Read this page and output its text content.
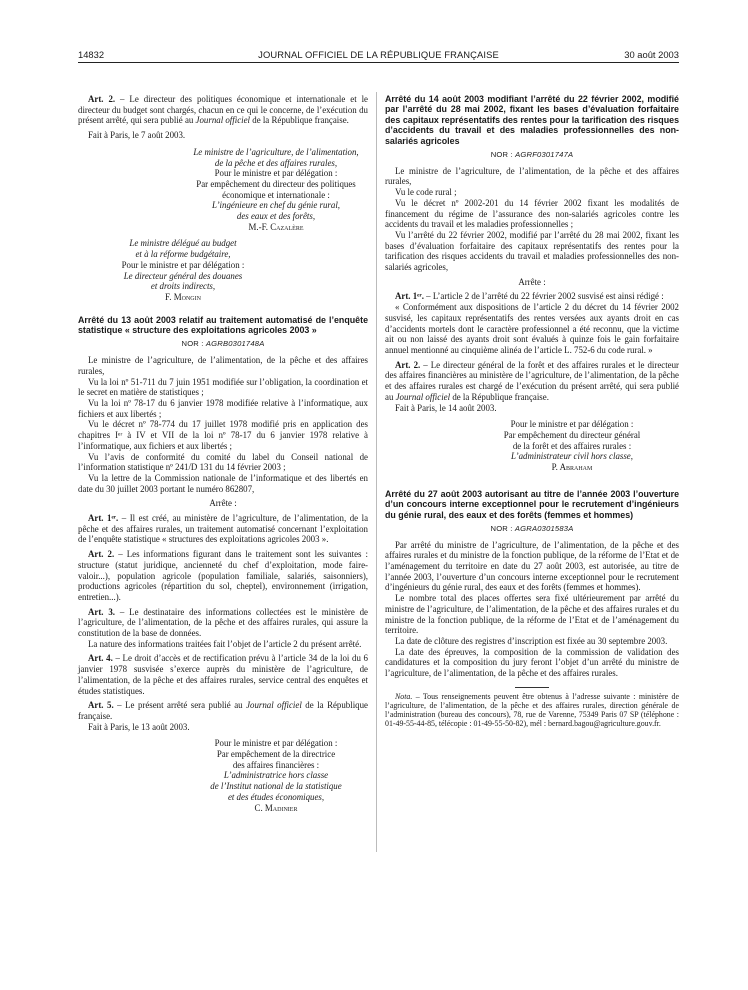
14832	JOURNAL OFFICIEL DE LA RÉPUBLIQUE FRANÇAISE	30 août 2003

Art. 2. – Le directeur des politiques économique et internationale et le directeur du budget sont chargés, chacun en ce qui le concerne, de l’exécution du présent arrêté, qui sera publié au Journal officiel de la République française.

Fait à Paris, le 7 août 2003.

Le ministre de l’agriculture, de l’alimentation,
de la pêche et des affaires rurales,
Pour le ministre et par délégation :
Par empêchement du directeur des politiques
économique et internationale :
L’ingénieure en chef du génie rural,
des eaux et des forêts,
M.-F. Cazalère
Le ministre délégué au budget
et à la réforme budgétaire,
Pour le ministre et par délégation :
Le directeur général des douanes
et droits indirects,
F. Mongin

Arrêté du 13 août 2003 relatif au traitement automatisé de l’enquête statistique « structure des exploitations agricoles 2003 »

NOR : AGRB0301748A

Le ministre de l’agriculture, de l’alimentation, de la pêche et des affaires rurales,

Vu la loi nº 51-711 du 7 juin 1951 modifiée sur l’obligation, la coordination et le secret en matière de statistiques ;

Vu la loi nº 78-17 du 6 janvier 1978 modifiée relative à l’informatique, aux fichiers et aux libertés ;

Vu le décret nº 78-774 du 17 juillet 1978 modifié pris en application des chapitres Iᵉʳ à IV et VII de la loi nº 78-17 du 6 janvier 1978 relative à l’informatique, aux fichiers et aux libertés ;

Vu l’avis de conformité du comité du label du Conseil national de l’information statistique nº 241/D 131 du 14 février 2003 ;

Vu la lettre de la Commission nationale de l’informatique et des libertés en date du 30 juillet 2003 portant le numéro 862807,

Arrête :

Art. 1ᵉʳ. – Il est créé, au ministère de l’agriculture, de l’alimentation, de la pêche et des affaires rurales, un traitement automatisé concernant l’exploitation de l’enquête statistique « structures des exploitations agricoles 2003 ».

Art. 2. – Les informations figurant dans le traitement sont les suivantes : structure (statut juridique, ancienneté du chef d’exploitation, mode faire-valoir...), population agricole (population familiale, salariés, saisonniers), productions agricoles (répartition du sol, cheptel), environnement (irrigation, entretien...).

Art. 3. – Le destinataire des informations collectées est le ministère de l’agriculture, de l’alimentation, de la pêche et des affaires rurales, qui assure la constitution de la base de données.

La nature des informations traitées fait l’objet de l’article 2 du présent arrêté.

Art. 4. – Le droit d’accès et de rectification prévu à l’article 34 de la loi du 6 janvier 1978 susvisée s’exerce auprès du ministère de l’agriculture, de l’alimentation, de la pêche et des affaires rurales, service central des enquêtes et études statistiques.

Art. 5. – Le présent arrêté sera publié au Journal officiel de la République française.

Fait à Paris, le 13 août 2003.

Pour le ministre et par délégation :
Par empêchement de la directrice
des affaires financières :
L’administratrice hors classe
de l’Institut national de la statistique
et des études économiques,
C. Madinier

Arrêté du 14 août 2003 modifiant l’arrêté du 22 février 2002, modifié par l’arrêté du 28 mai 2002, fixant les bases d’évaluation forfaitaire des capitaux représentatifs des rentes pour la tarification des risques d’accidents du travail et des maladies professionnelles des non-salariés agricoles

NOR : AGRF0301747A

Le ministre de l’agriculture, de l’alimentation, de la pêche et des affaires rurales,

Vu le code rural ;

Vu le décret nº 2002-201 du 14 février 2002 fixant les modalités de financement du régime de l’assurance des non-salariés agricoles contre les accidents du travail et les maladies professionnelles ;

Vu l’arrêté du 22 février 2002, modifié par l’arrêté du 28 mai 2002, fixant les bases d’évaluation forfaitaire des capitaux représentatifs des rentes pour la tarification des risques accidents du travail et maladies professionnelles des non-salariés agricoles,

Arrête :

Art. 1ᵉʳ. – L’article 2 de l’arrêté du 22 février 2002 susvisé est ainsi rédigé :

« Conformément aux dispositions de l’article 2 du décret du 14 février 2002 susvisé, les capitaux représentatifs des rentes versées aux ayants droit en cas d’accidents mortels dont le caractère professionnel a été reconnu, que la victime ait ou non laissé des ayants droit sont évalués à quinze fois le gain forfaitaire annuel mentionné au cinquième alinéa de l’article L. 752-6 du code rural. »

Art. 2. – Le directeur général de la forêt et des affaires rurales et le directeur des affaires financières au ministère de l’agriculture, de l’alimentation, de la pêche et des affaires rurales est chargé de l’exécution du présent arrêté, qui sera publié au Journal officiel de la République française.

Fait à Paris, le 14 août 2003.

Pour le ministre et par délégation :
Par empêchement du directeur général
de la forêt et des affaires rurales :
L’administrateur civil hors classe,
P. Abraham

Arrêté du 27 août 2003 autorisant au titre de l’année 2003 l’ouverture d’un concours interne exceptionnel pour le recrutement d’ingénieurs du génie rural, des eaux et des forêts (femmes et hommes)

NOR : AGRA0301583A

Par arrêté du ministre de l’agriculture, de l’alimentation, de la pêche et des affaires rurales et du ministre de la fonction publique, de la réforme de l’Etat et de l’aménagement du territoire en date du 27 août 2003, est autorisée, au titre de l’année 2003, l’ouverture d’un concours interne exceptionnel pour le recrutement d’ingénieurs du génie rural, des eaux et des forêts (femmes et hommes).

Le nombre total des places offertes sera fixé ultérieurement par arrêté du ministre de l’agriculture, de l’alimentation, de la pêche et des affaires rurales et du ministre de la fonction publique, de la réforme de l’Etat et de l’aménagement du territoire.

La date de clôture des registres d’inscription est fixée au 30 septembre 2003.

La date des épreuves, la composition de la commission de validation des candidatures et la composition du jury feront l’objet d’un arrêté du ministre de l’agriculture, de l’alimentation, de la pêche et des affaires rurales.

Nota. – Tous renseignements peuvent être obtenus à l’adresse suivante : ministère de l’agriculture, de l’alimentation, de la pêche et des affaires rurales, direction générale de l’administration (bureau des concours), 78, rue de Varenne, 75349 Paris 07 SP (téléphone : 01-49-55-44-85, télécopie : 01-49-55-50-82), mél : bernard.bagou@agriculture.gouv.fr.
